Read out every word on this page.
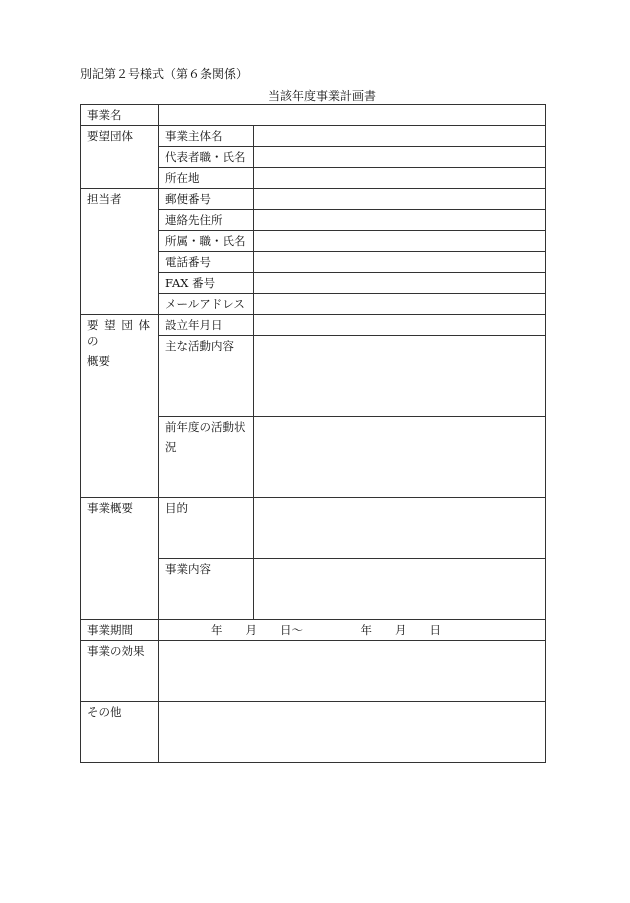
別記第２号様式（第６条関係）
当該年度事業計画書
事業名		
要望団体	事業主体名	
	代表者職・氏名	
	所在地	
担当者	郵便番号	
	連絡先住所	
	所属・職・氏名	
	電話番号	
	FAX 番号	
	メールアドレス	

要望団体の
概要	設立年月日	
	主な活動内容	

	前年度の活動状
況	

事業概要	目的	
	事業内容	
事業期間	年　　月　　日～　　　　　年　　月　　日	
事業の効果		
その他		
